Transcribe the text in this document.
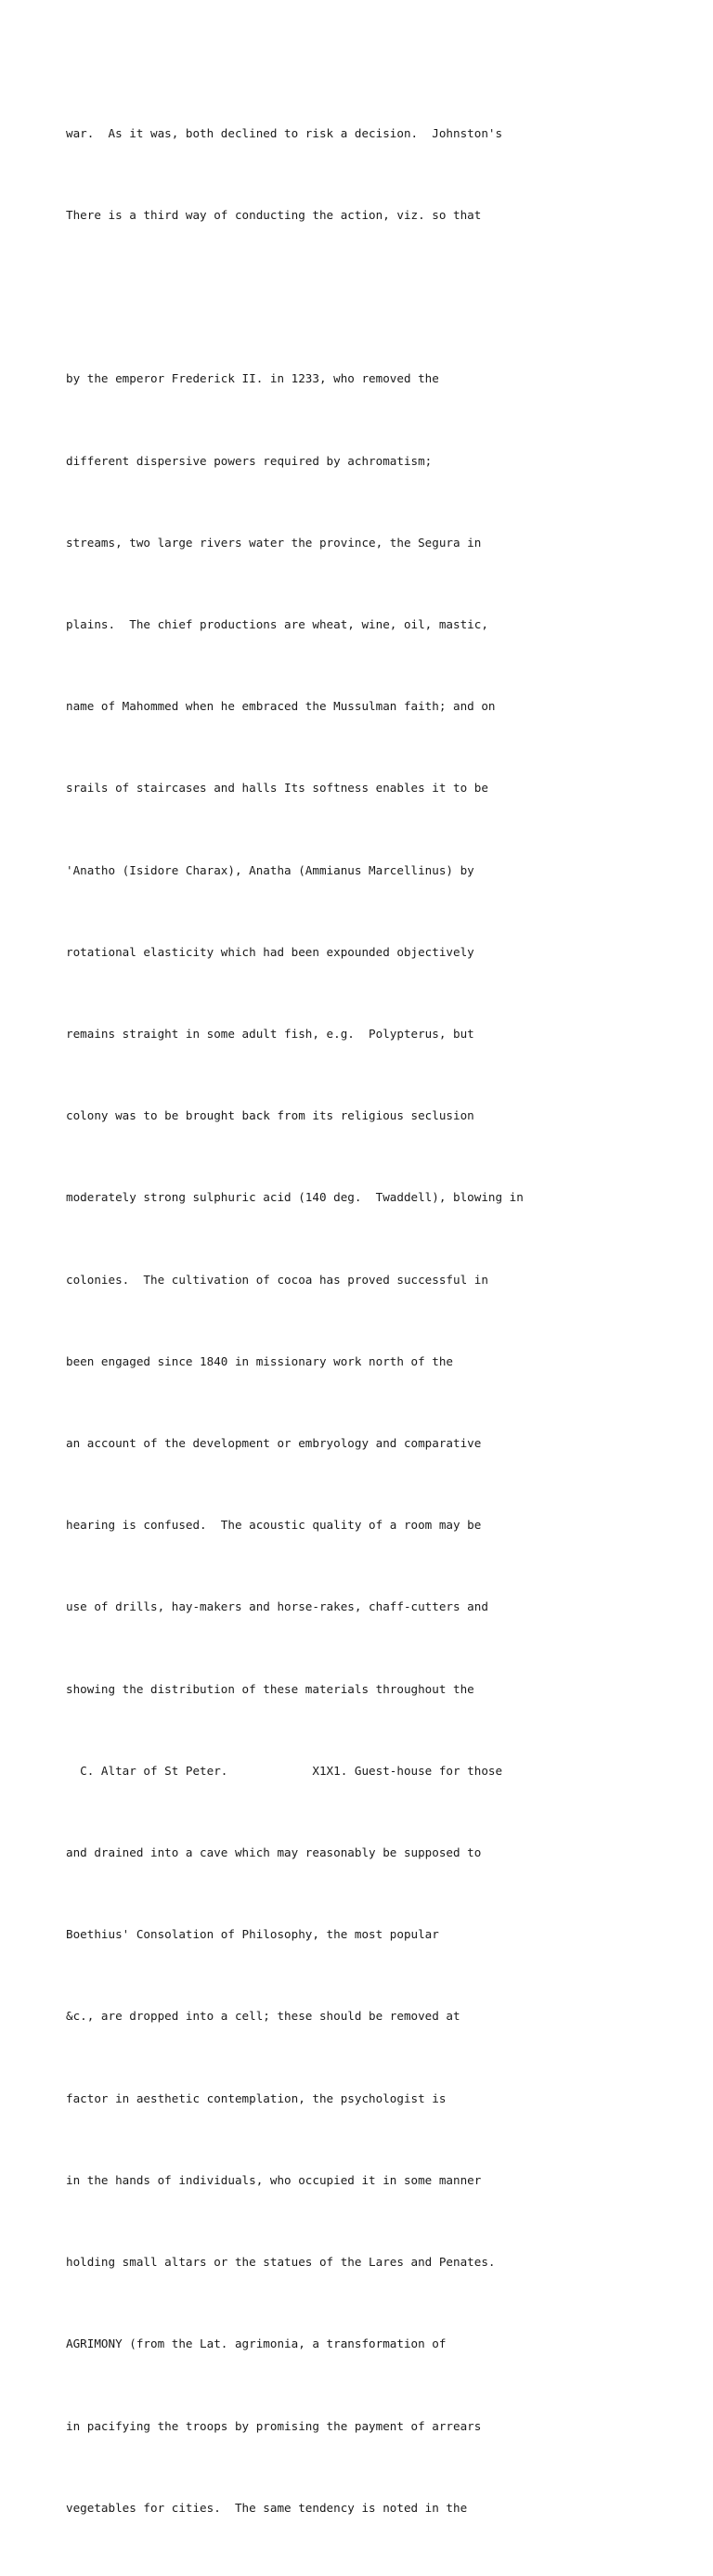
war.  As it was, both declined to risk a decision.  Johnston's

There is a third way of conducting the action, viz. so that

by the emperor Frederick II. in 1233, who removed the

different dispersive powers required by achromatism;

streams, two large rivers water the province, the Segura in

plains.  The chief productions are wheat, wine, oil, mastic,

name of Mahommed when he embraced the Mussulman faith; and on

srails of staircases and halls Its softness enables it to be

'Anatho (Isidore Charax), Anatha (Ammianus Marcellinus) by

rotational elasticity which had been expounded objectively

remains straight in some adult fish, e.g.  Polypterus, but

colony was to be brought back from its religious seclusion

moderately strong sulphuric acid (140 deg.  Twaddell), blowing in

colonies.  The cultivation of cocoa has proved successful in

been engaged since 1840 in missionary work north of the

an account of the development or embryology and comparative

hearing is confused.  The acoustic quality of a room may be

use of drills, hay-makers and horse-rakes, chaff-cutters and

showing the distribution of these materials throughout the

C. Altar of St Peter.            X1X1. Guest-house for those

and drained into a cave which may reasonably be supposed to

Boethius' Consolation of Philosophy, the most popular

&c., are dropped into a cell; these should be removed at

factor in aesthetic contemplation, the psychologist is

in the hands of individuals, who occupied it in some manner

holding small altars or the statues of the Lares and Penates.

AGRIMONY (from the Lat. agrimonia, a transformation of

in pacifying the troops by promising the payment of arrears

vegetables for cities.  The same tendency is noted in the
